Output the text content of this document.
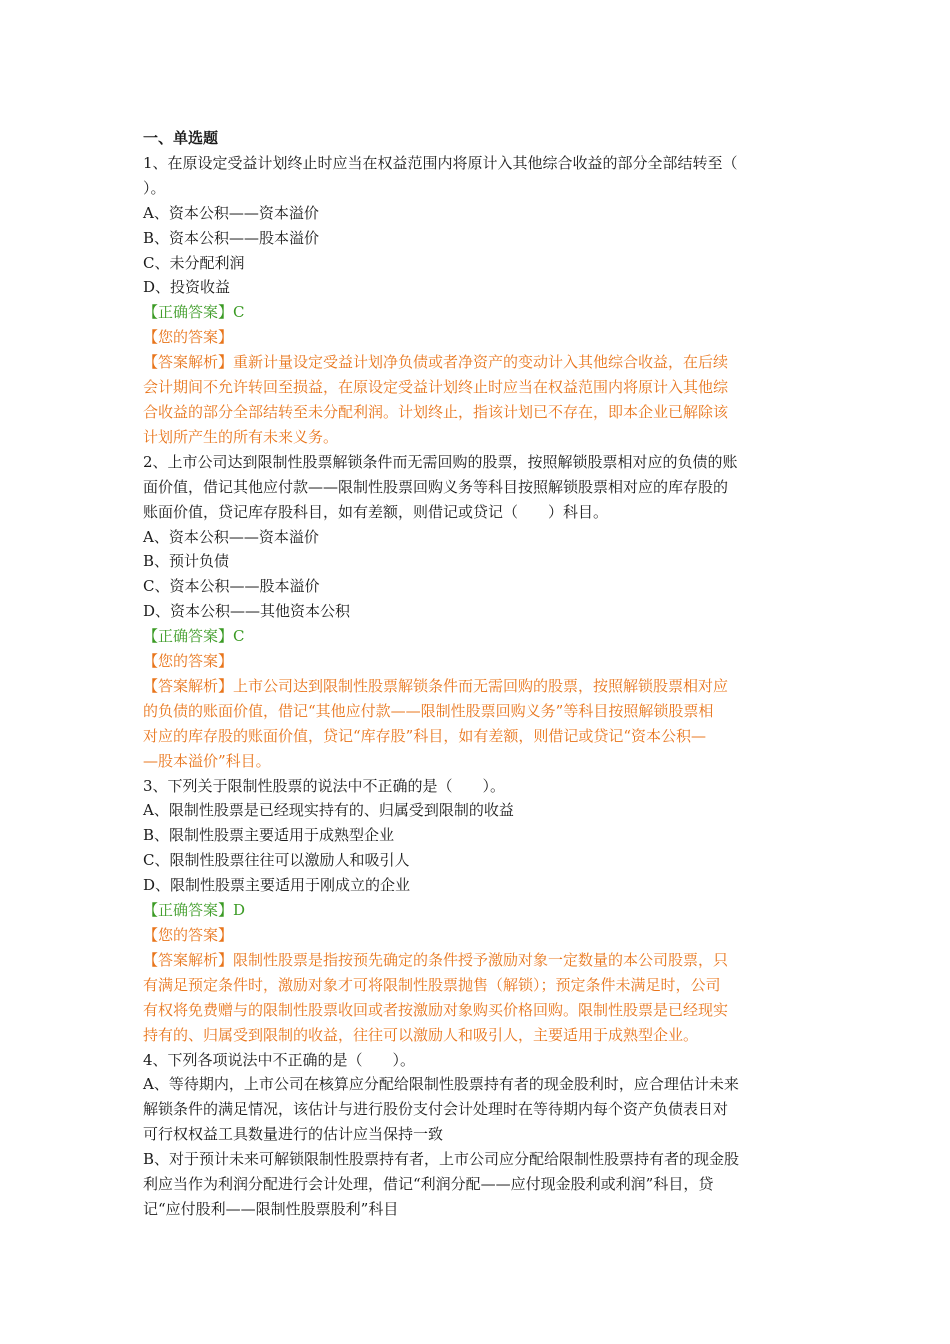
一、单选题
1、在原设定受益计划终止时应当在权益范围内将原计入其他综合收益的部分全部结转至（
）。
A、资本公积——资本溢价
B、资本公积——股本溢价
C、未分配利润
D、投资收益
【正确答案】C
【您的答案】
【答案解析】重新计量设定受益计划净负债或者净资产的变动计入其他综合收益，在后续
会计期间不允许转回至损益，在原设定受益计划终止时应当在权益范围内将原计入其他综
合收益的部分全部结转至未分配利润。计划终止，指该计划已不存在，即本企业已解除该
计划所产生的所有未来义务。
2、上市公司达到限制性股票解锁条件而无需回购的股票，按照解锁股票相对应的负债的账
面价值，借记其他应付款——限制性股票回购义务等科目按照解锁股票相对应的库存股的
账面价值，贷记库存股科目，如有差额，则借记或贷记（　　）科目。
A、资本公积——资本溢价
B、预计负债
C、资本公积——股本溢价
D、资本公积——其他资本公积
【正确答案】C
【您的答案】
【答案解析】上市公司达到限制性股票解锁条件而无需回购的股票，按照解锁股票相对应
的负债的账面价值，借记“其他应付款——限制性股票回购义务”等科目按照解锁股票相
对应的库存股的账面价值，贷记“库存股”科目，如有差额，则借记或贷记“资本公积—
—股本溢价”科目。
3、下列关于限制性股票的说法中不正确的是（　　）。
A、限制性股票是已经现实持有的、归属受到限制的收益
B、限制性股票主要适用于成熟型企业
C、限制性股票往往可以激励人和吸引人
D、限制性股票主要适用于刚成立的企业
【正确答案】D
【您的答案】
【答案解析】限制性股票是指按预先确定的条件授予激励对象一定数量的本公司股票，只
有满足预定条件时，激励对象才可将限制性股票抛售（解锁）；预定条件未满足时，公司
有权将免费赠与的限制性股票收回或者按激励对象购买价格回购。限制性股票是已经现实
持有的、归属受到限制的收益，往往可以激励人和吸引人，主要适用于成熟型企业。
4、下列各项说法中不正确的是（　　）。
A、等待期内，上市公司在核算应分配给限制性股票持有者的现金股利时，应合理估计未来
解锁条件的满足情况，该估计与进行股份支付会计处理时在等待期内每个资产负债表日对
可行权权益工具数量进行的估计应当保持一致
B、对于预计未来可解锁限制性股票持有者，上市公司应分配给限制性股票持有者的现金股
利应当作为利润分配进行会计处理，借记“利润分配——应付现金股利或利润”科目，贷
记“应付股利——限制性股票股利”科目
